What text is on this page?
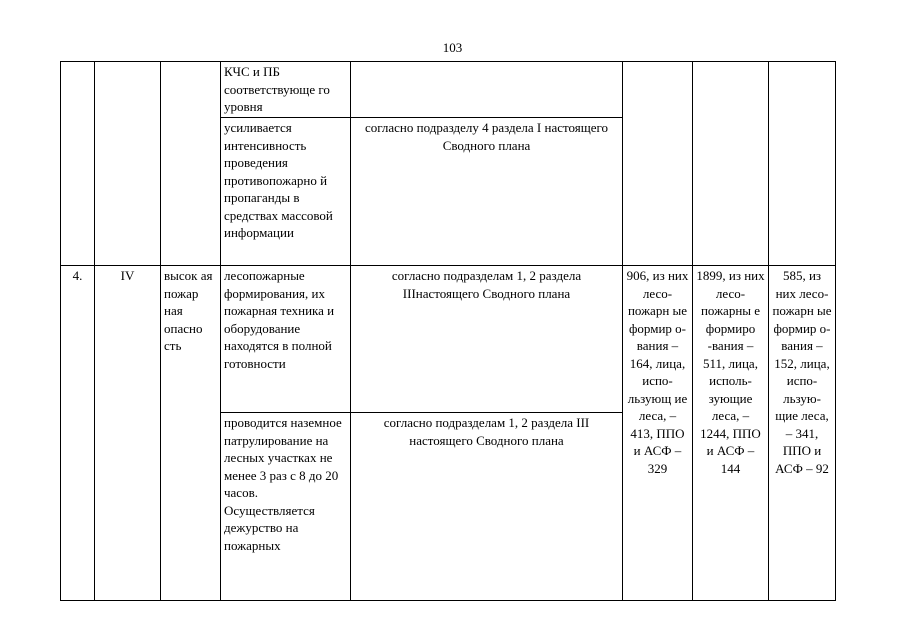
103
			КЧС и ПБ соответствующе го уровня				
			усиливается интенсивность проведения противопожарно й пропаганды в средствах массовой информации	согласно подразделу 4 раздела I настоящего Сводного плана			
4.	IV	высок ая пожар ная опасно сть	лесопожарные формирования, их пожарная техника и оборудование находятся в полной готовности	согласно подразделам 1, 2 раздела IIIнастоящего Сводного плана	906, из них лесо- пожарн ые формир о-вания – 164, лица, испо- льзующ ие леса, – 413, ППО и АСФ – 329	1899, из них лесо- пожарны е формиро -вания – 511, лица, исполь- зующие леса, – 1244, ППО и АСФ – 144	585, из них лесо- пожарн ые формир о-вания – 152, лица, испо- льзую- щие леса, – 341, ППО и АСФ – 92
			проводится наземное патрулирование на лесных участках не менее 3 раз с 8 до 20 часов. Осуществляется дежурство на пожарных	согласно подразделам 1, 2 раздела III настоящего Сводного плана			
